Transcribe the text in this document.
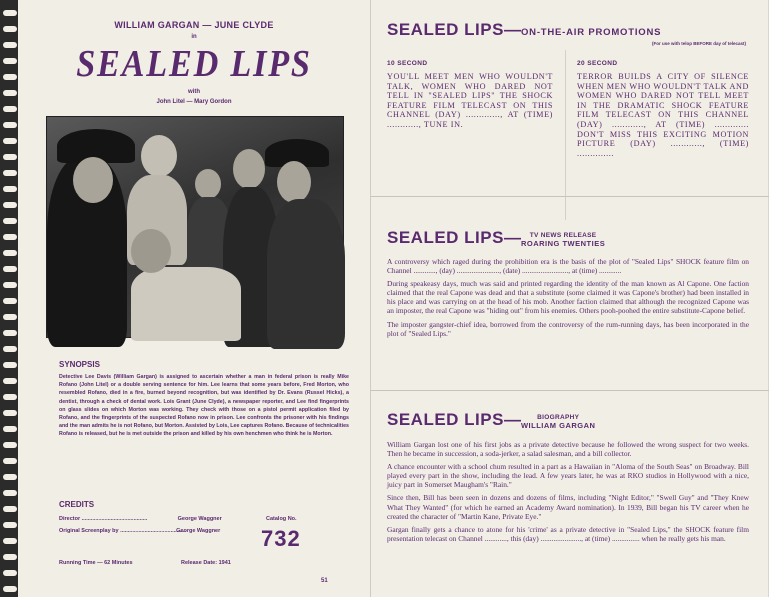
WILLIAM GARGAN — JUNE CLYDE
in
SEALED LIPS
with
John Litel — Mary Gordon
SYNOPSIS
Detective Lee Davis (William Gargan) is assigned to ascertain whether a man in federal prison is really Mike Rofano (John Litel) or a double serving sentence for him. Lee learns that some years before, Fred Morton, who resembled Rofano, died in a fire, burned beyond recognition, but was identified by Dr. Evans (Russel Hicks), a dentist, through a check of dental work. Lois Grant (June Clyde), a newspaper reporter, and Lee find fingerprints on glass slides on which Morton was working. They check with those on a pistol permit application filed by Rofano, and the fingerprints of the suspected Rofano now in prison. Lee confronts the prisoner with his findings and the man admits he is not Rofano, but Morton. Assisted by Lois, Lee captures Rofano. Because of technicalities Rofano is released, but he is met outside the prison and killed by his own henchmen who think he is Morton.
CREDITS
Director ...........................................	George Waggner
Original Screenplay by ...........................................George Waggner
Catalog No.
732
Running Time — 62 Minutes	Release Date: 1941
51
SEALED LIPS—ON-THE-AIR PROMOTIONS
(For use with telop BEFORE day of telecast)
10 SECOND
YOU'LL MEET MEN WHO WOULDN'T TALK, WOMEN WHO DARED NOT TELL IN "SEALED LIPS" THE SHOCK FEATURE FILM TELECAST ON THIS CHANNEL (DAY) ............., AT (TIME) ............, TUNE IN.
20 SECOND
TERROR BUILDS A CITY OF SILENCE WHEN MEN WHO WOULDN'T TALK AND WOMEN WHO DARED NOT TELL MEET IN THE DRAMATIC SHOCK FEATURE FILM TELECAST ON THIS CHANNEL (DAY) ............, AT (TIME) ............. DON'T MISS THIS EXCITING MOTION PICTURE (DAY) ............, (TIME) ..............
SEALED LIPS—	TV NEWS RELEASE
ROARING TWENTIES

A controversy which raged during the prohibition era is the basis of the plot of "Sealed Lips" SHOCK feature film on Channel ............, (day) ......................., (date) ........................., at (time) ............

During speakeasy days, much was said and printed regarding the identity of the man known as Al Capone. One faction claimed that the real Capone was dead and that a substitute (some claimed it was Capone's brother) had been installed in his place and was carrying on at the head of his mob. Another faction claimed that although the recognized Capone was an imposter, the real Capone was "hiding out" from his enemies. Others pooh-poohed the entire substitute-Capone belief.

The imposter gangster-chief idea, borrowed from the controversy of the rum-running days, has been incorporated in the plot of "Sealed Lips."

SEALED LIPS—	BIOGRAPHY
WILLIAM GARGAN

William Gargan lost one of his first jobs as a private detective because he followed the wrong suspect for two weeks. Then he became in succession, a soda-jerker, a salad salesman, and a bill collector.

A chance encounter with a school chum resulted in a part as a Hawaiian in "Aloma of the South Seas" on Broadway. Bill played every part in the show, including the lead. A few years later, he was at RKO studios in Hollywood with a nice, juicy part in Somerset Maugham's "Rain."

Since then, Bill has been seen in dozens and dozens of films, including "Night Editor," "Swell Guy" and "They Knew What They Wanted" (for which he earned an Academy Award nomination). In 1939, Bill began his TV career when he created the character of "Martin Kane, Private Eye."

Gargan finally gets a chance to atone for his 'crime' as a private detective in "Sealed Lips," the SHOCK feature film presentation telecast on Channel ............, this (day) ......................, at (time) ............... when he really gets his man.
